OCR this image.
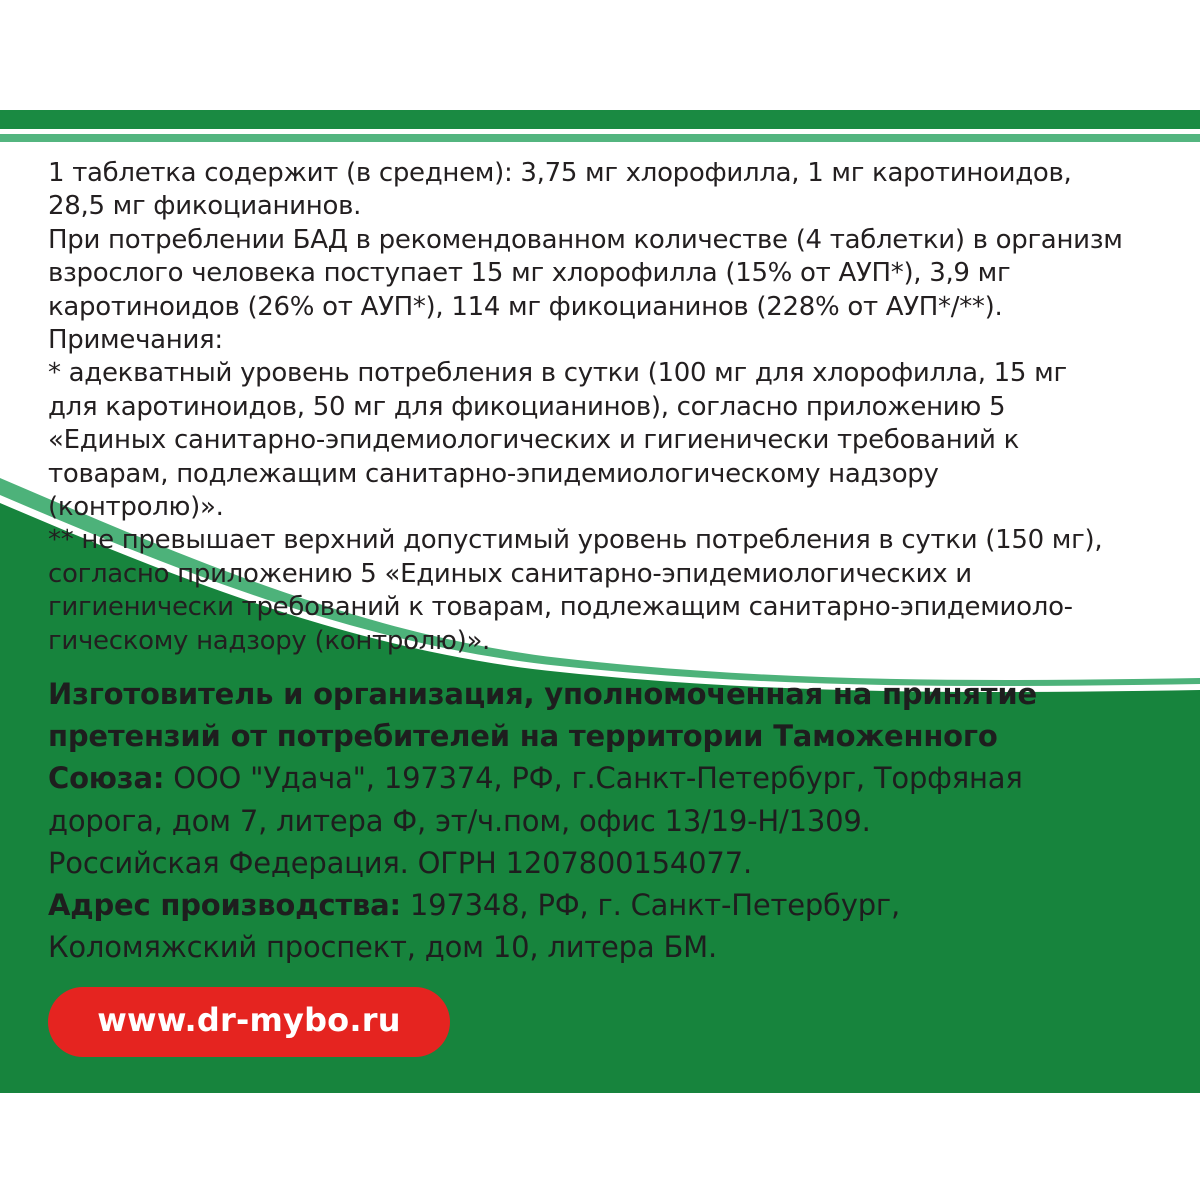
1 таблетка содержит (в среднем): 3,75 мг хлорофилла, 1 мг каротиноидов,

28,5 мг фикоцианинов.

При потреблении БАД в рекомендованном количестве (4 таблетки) в организм

взрослого человека поступает 15 мг хлорофилла (15% от АУП*), 3,9 мг

каротиноидов (26% от АУП*), 114 мг фикоцианинов (228% от АУП*/**).

Примечания:

* адекватный уровень потребления в сутки (100 мг для хлорофилла, 15 мг

для каротиноидов, 50 мг для фикоцианинов), согласно приложению 5

«Единых санитарно-эпидемиологических и гигиенически требований к

товарам, подлежащим санитарно-эпидемиологическому надзору

(контролю)».

** не превышает верхний допустимый уровень потребления в сутки (150 мг),

согласно приложению 5 «Единых санитарно-эпидемиологических и

гигиенически требований к товарам, подлежащим санитарно-эпидемиоло-

гическому надзору (контролю)».

Изготовитель и организация, уполномоченная на принятие

претензий от потребителей на территории Таможенного

Союза: ООО "Удача", 197374, РФ, г.Санкт-Петербург, Торфяная

дорога, дом 7, литера Ф, эт/ч.пом, офис 13/19-Н/1309.

Российская Федерация. ОГРН 1207800154077.

Адрес производства: 197348, РФ, г. Санкт-Петербург,

Коломяжский проспект, дом 10, литера БМ.

www.dr-mybo.ru
